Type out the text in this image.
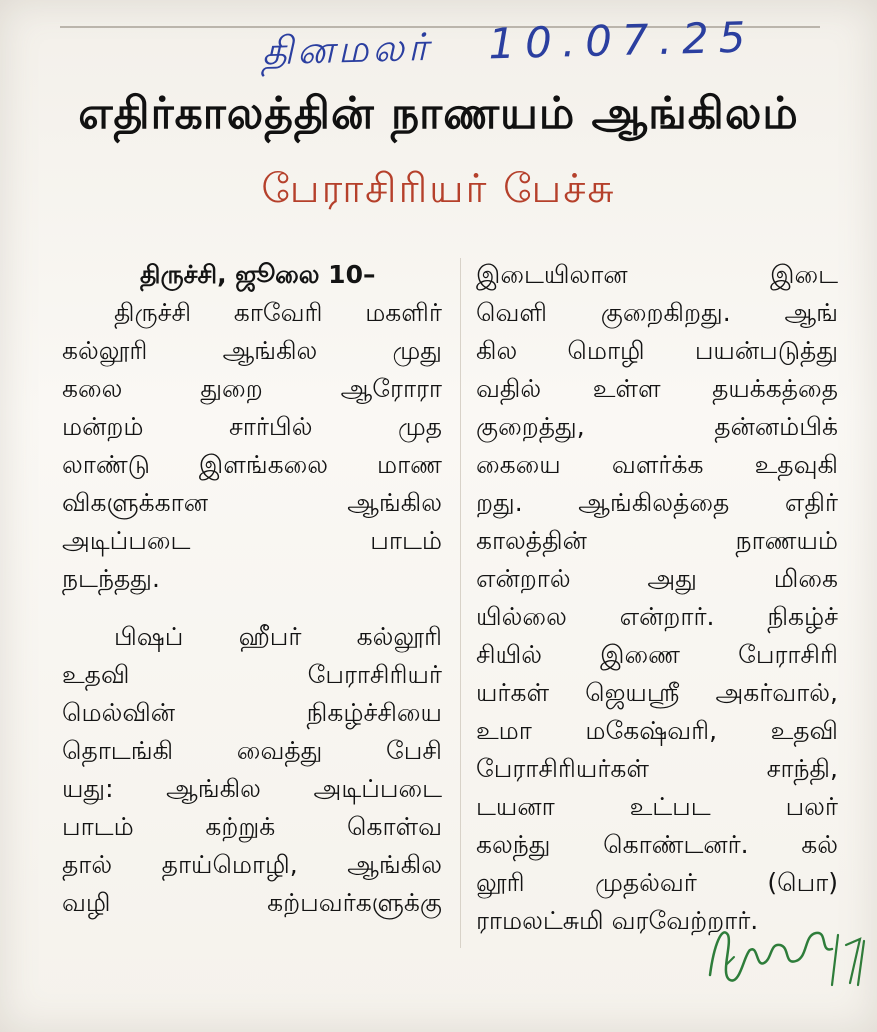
தினமலர் 10.07.25
எதிர்காலத்தின் நாணயம் ஆங்கிலம்
பேராசிரியர் பேச்சு
திருச்சி, ஜூலை 10–
திருச்சி காவேரி மகளிர்
கல்லூரி ஆங்கில முது
கலை துறை ஆரோரா
மன்றம் சார்பில் முத
லாண்டு இளங்கலை மாண
விகளுக்கான ஆங்கில
அடிப்படை பாடம்
நடந்தது.
பிஷப் ஹீபர் கல்லூரி
உதவி பேராசிரியர்
மெல்வின் நிகழ்ச்சியை
தொடங்கி வைத்து பேசி
யது: ஆங்கில அடிப்படை
பாடம் கற்றுக் கொள்வ
தால் தாய்மொழி, ஆங்கில
வழி கற்பவர்களுக்கு
இடையிலான இடை
வெளி குறைகிறது. ஆங்
கில மொழி பயன்படுத்து
வதில் உள்ள தயக்கத்தை
குறைத்து, தன்னம்பிக்
கையை வளர்க்க உதவுகி
றது. ஆங்கிலத்தை எதிர்
காலத்தின் நாணயம்
என்றால் அது மிகை
யில்லை என்றார். நிகழ்ச்
சியில் இணை பேராசிரி
யர்கள் ஜெயஸ்ரீ அகர்வால்,
உமா மகேஷ்வரி, உதவி
பேராசிரியர்கள் சாந்தி,
டயனா உட்பட பலர்
கலந்து கொண்டனர். கல்
லூரி முதல்வர் (பொ)
ராமலட்சுமி வரவேற்றார்.
